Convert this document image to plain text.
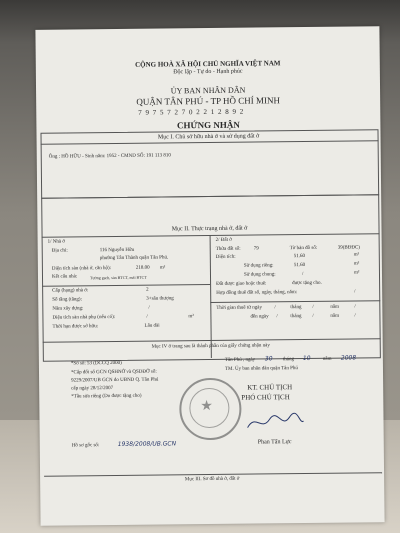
CỘNG HOÀ XÃ HỘI CHỦ NGHĨA VIỆT NAM
Độc lập - Tự do - Hạnh phúc
ỦY BAN NHÂN DÂN
QUẬN TÂN PHÚ - TP HỒ CHÍ MINH
7 9 7 5 7 2 7 0 2 2 1 2 8 9 2
CHỨNG NHẬN
Mục I. Chủ sở hữu nhà ở và sử dụng đất ở
Ông : HỒ HỮU - Sinh năm: 1952 - CMND SỐ: 191 113 810
Mục II. Thực trạng nhà ở, đất ở
1/ Nhà ở
Địa chỉ:	116 Nguyễn Hữu
phường Tân Thành quận Tân Phú.
Diện tích sàn (nhà ở, căn hộ):	218.00 m²
Kết cấu nhà:	Tường gạch, sàn BTCT, mái BTCT
Cấp (hạng) nhà ở:	2
Số tầng (tầng):	3+sân thượng
Năm xây dựng:	/
Diện tích sàn nhà phụ (nếu có):	/	m²
Thời hạn được sở hữu:	Lâu dài
2/ Đất ở
Thửa đất số:	79	Tờ bản đồ số:	39(BĐĐC)
Diện tích:	51.60	m²
Sử dụng riêng:	51.60	m²
Sử dụng chung:	/	m²
Đất được giao hoặc thuê:	được tặng cho.
Hợp đồng thuê đất số, ngày, tháng, năm:	/
Thời gian thuê từ ngày /	tháng /	năm	/
đến ngày /	tháng /	năm	/
Mục IV ở trang sau là thành phần của giấy chứng nhận này
*Số sổ: 53 (DCCQ 2000)
*Cấp đổi số GCN QSHNỞ và QSDĐỞ số:
9229/2007/UB GCN do UBND Q. Tân Phú
cấp ngày 28/12/2007
*Tầu sửa riêng (Do được tặng cho)
Tân Phú , ngày 30 tháng 10 năm 2008
TM. Ủy ban nhân dân quận Tân Phú
KT. CHỦ TỊCH
PHÓ CHỦ TỊCH
★
Phan Tấn Lực
Hồ sơ gốc số:	1938/2008/UB.GCN
Mục III. Sơ đồ nhà ở, đất ở
